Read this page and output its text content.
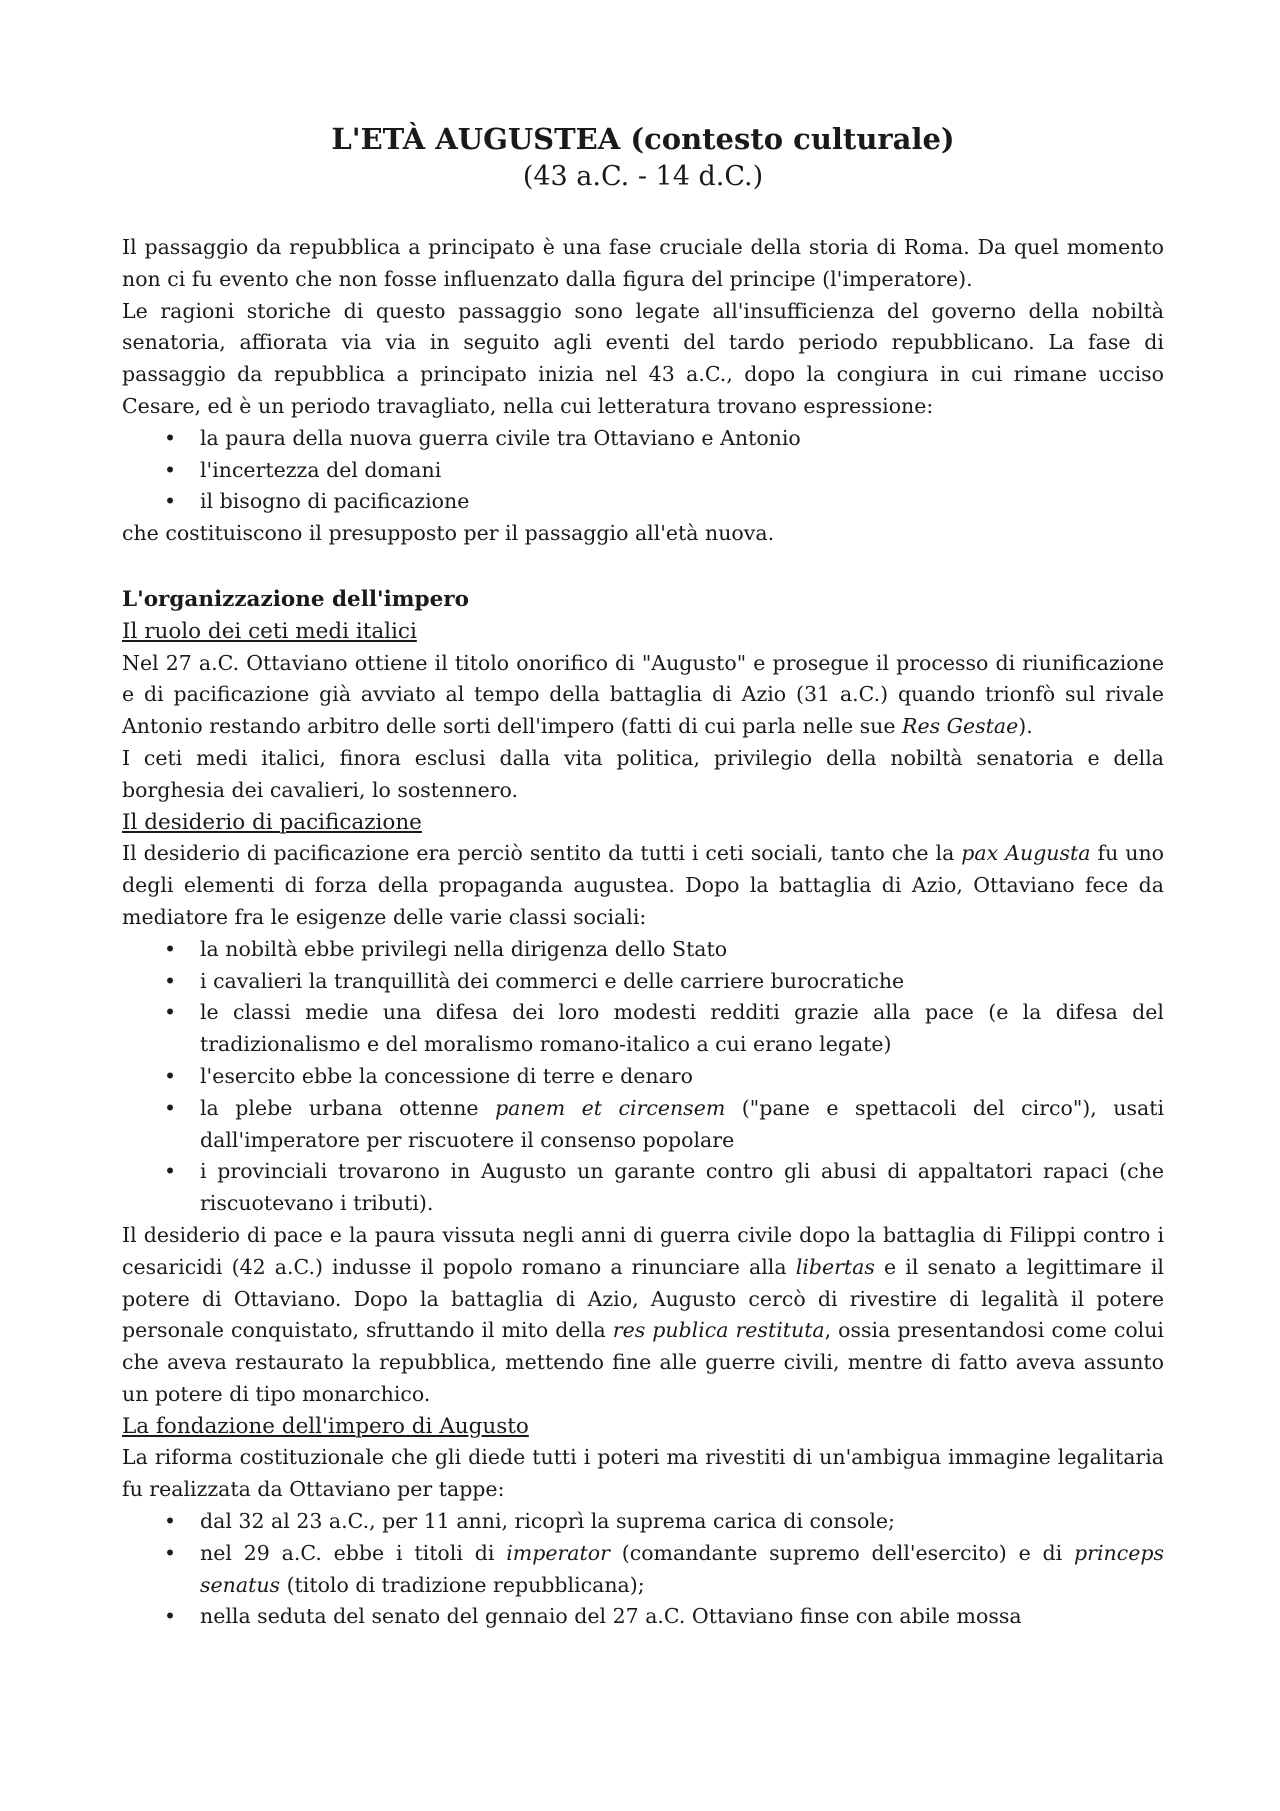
L'ETÀ AUGUSTEA (contesto culturale)
(43 a.C. - 14 d.C.)

Il passaggio da repubblica a principato è una fase cruciale della storia di Roma. Da quel momento non ci fu evento che non fosse influenzato dalla figura del principe (l'imperatore).

Le ragioni storiche di questo passaggio sono legate all'insufficienza del governo della nobiltà senatoria, affiorata via via in seguito agli eventi del tardo periodo repubblicano. La fase di passaggio da repubblica a principato inizia nel 43 a.C., dopo la congiura in cui rimane ucciso Cesare, ed è un periodo travagliato, nella cui letteratura trovano espressione:

• la paura della nuova guerra civile tra Ottaviano e Antonio
• l'incertezza del domani
• il bisogno di pacificazione

che costituiscono il presupposto per il passaggio all'età nuova.

L'organizzazione dell'impero
Il ruolo dei ceti medi italici

Nel 27 a.C. Ottaviano ottiene il titolo onorifico di "Augusto" e prosegue il processo di riunificazione e di pacificazione già avviato al tempo della battaglia di Azio (31 a.C.) quando trionfò sul rivale Antonio restando arbitro delle sorti dell'impero (fatti di cui parla nelle sue Res Gestae).

I ceti medi italici, finora esclusi dalla vita politica, privilegio della nobiltà senatoria e della borghesia dei cavalieri, lo sostennero.

Il desiderio di pacificazione

Il desiderio di pacificazione era perciò sentito da tutti i ceti sociali, tanto che la pax Augusta fu uno degli elementi di forza della propaganda augustea. Dopo la battaglia di Azio, Ottaviano fece da mediatore fra le esigenze delle varie classi sociali:

• la nobiltà ebbe privilegi nella dirigenza dello Stato
• i cavalieri la tranquillità dei commerci e delle carriere burocratiche
• le classi medie una difesa dei loro modesti redditi grazie alla pace (e la difesa del tradizionalismo e del moralismo romano-italico a cui erano legate)
• l'esercito ebbe la concessione di terre e denaro
• la plebe urbana ottenne panem et circensem ("pane e spettacoli del circo"), usati dall'imperatore per riscuotere il consenso popolare
• i provinciali trovarono in Augusto un garante contro gli abusi di appaltatori rapaci (che riscuotevano i tributi).

Il desiderio di pace e la paura vissuta negli anni di guerra civile dopo la battaglia di Filippi contro i cesaricidi (42 a.C.) indusse il popolo romano a rinunciare alla libertas e il senato a legittimare il potere di Ottaviano. Dopo la battaglia di Azio, Augusto cercò di rivestire di legalità il potere personale conquistato, sfruttando il mito della res publica restituta, ossia presentandosi come colui che aveva restaurato la repubblica, mettendo fine alle guerre civili, mentre di fatto aveva assunto un potere di tipo monarchico.

La fondazione dell'impero di Augusto

La riforma costituzionale che gli diede tutti i poteri ma rivestiti di un'ambigua immagine legalitaria fu realizzata da Ottaviano per tappe:

• dal 32 al 23 a.C., per 11 anni, ricoprì la suprema carica di console;
• nel 29 a.C. ebbe i titoli di imperator (comandante supremo dell'esercito) e di princeps senatus (titolo di tradizione repubblicana);
• nella seduta del senato del gennaio del 27 a.C. Ottaviano finse con abile mossa
